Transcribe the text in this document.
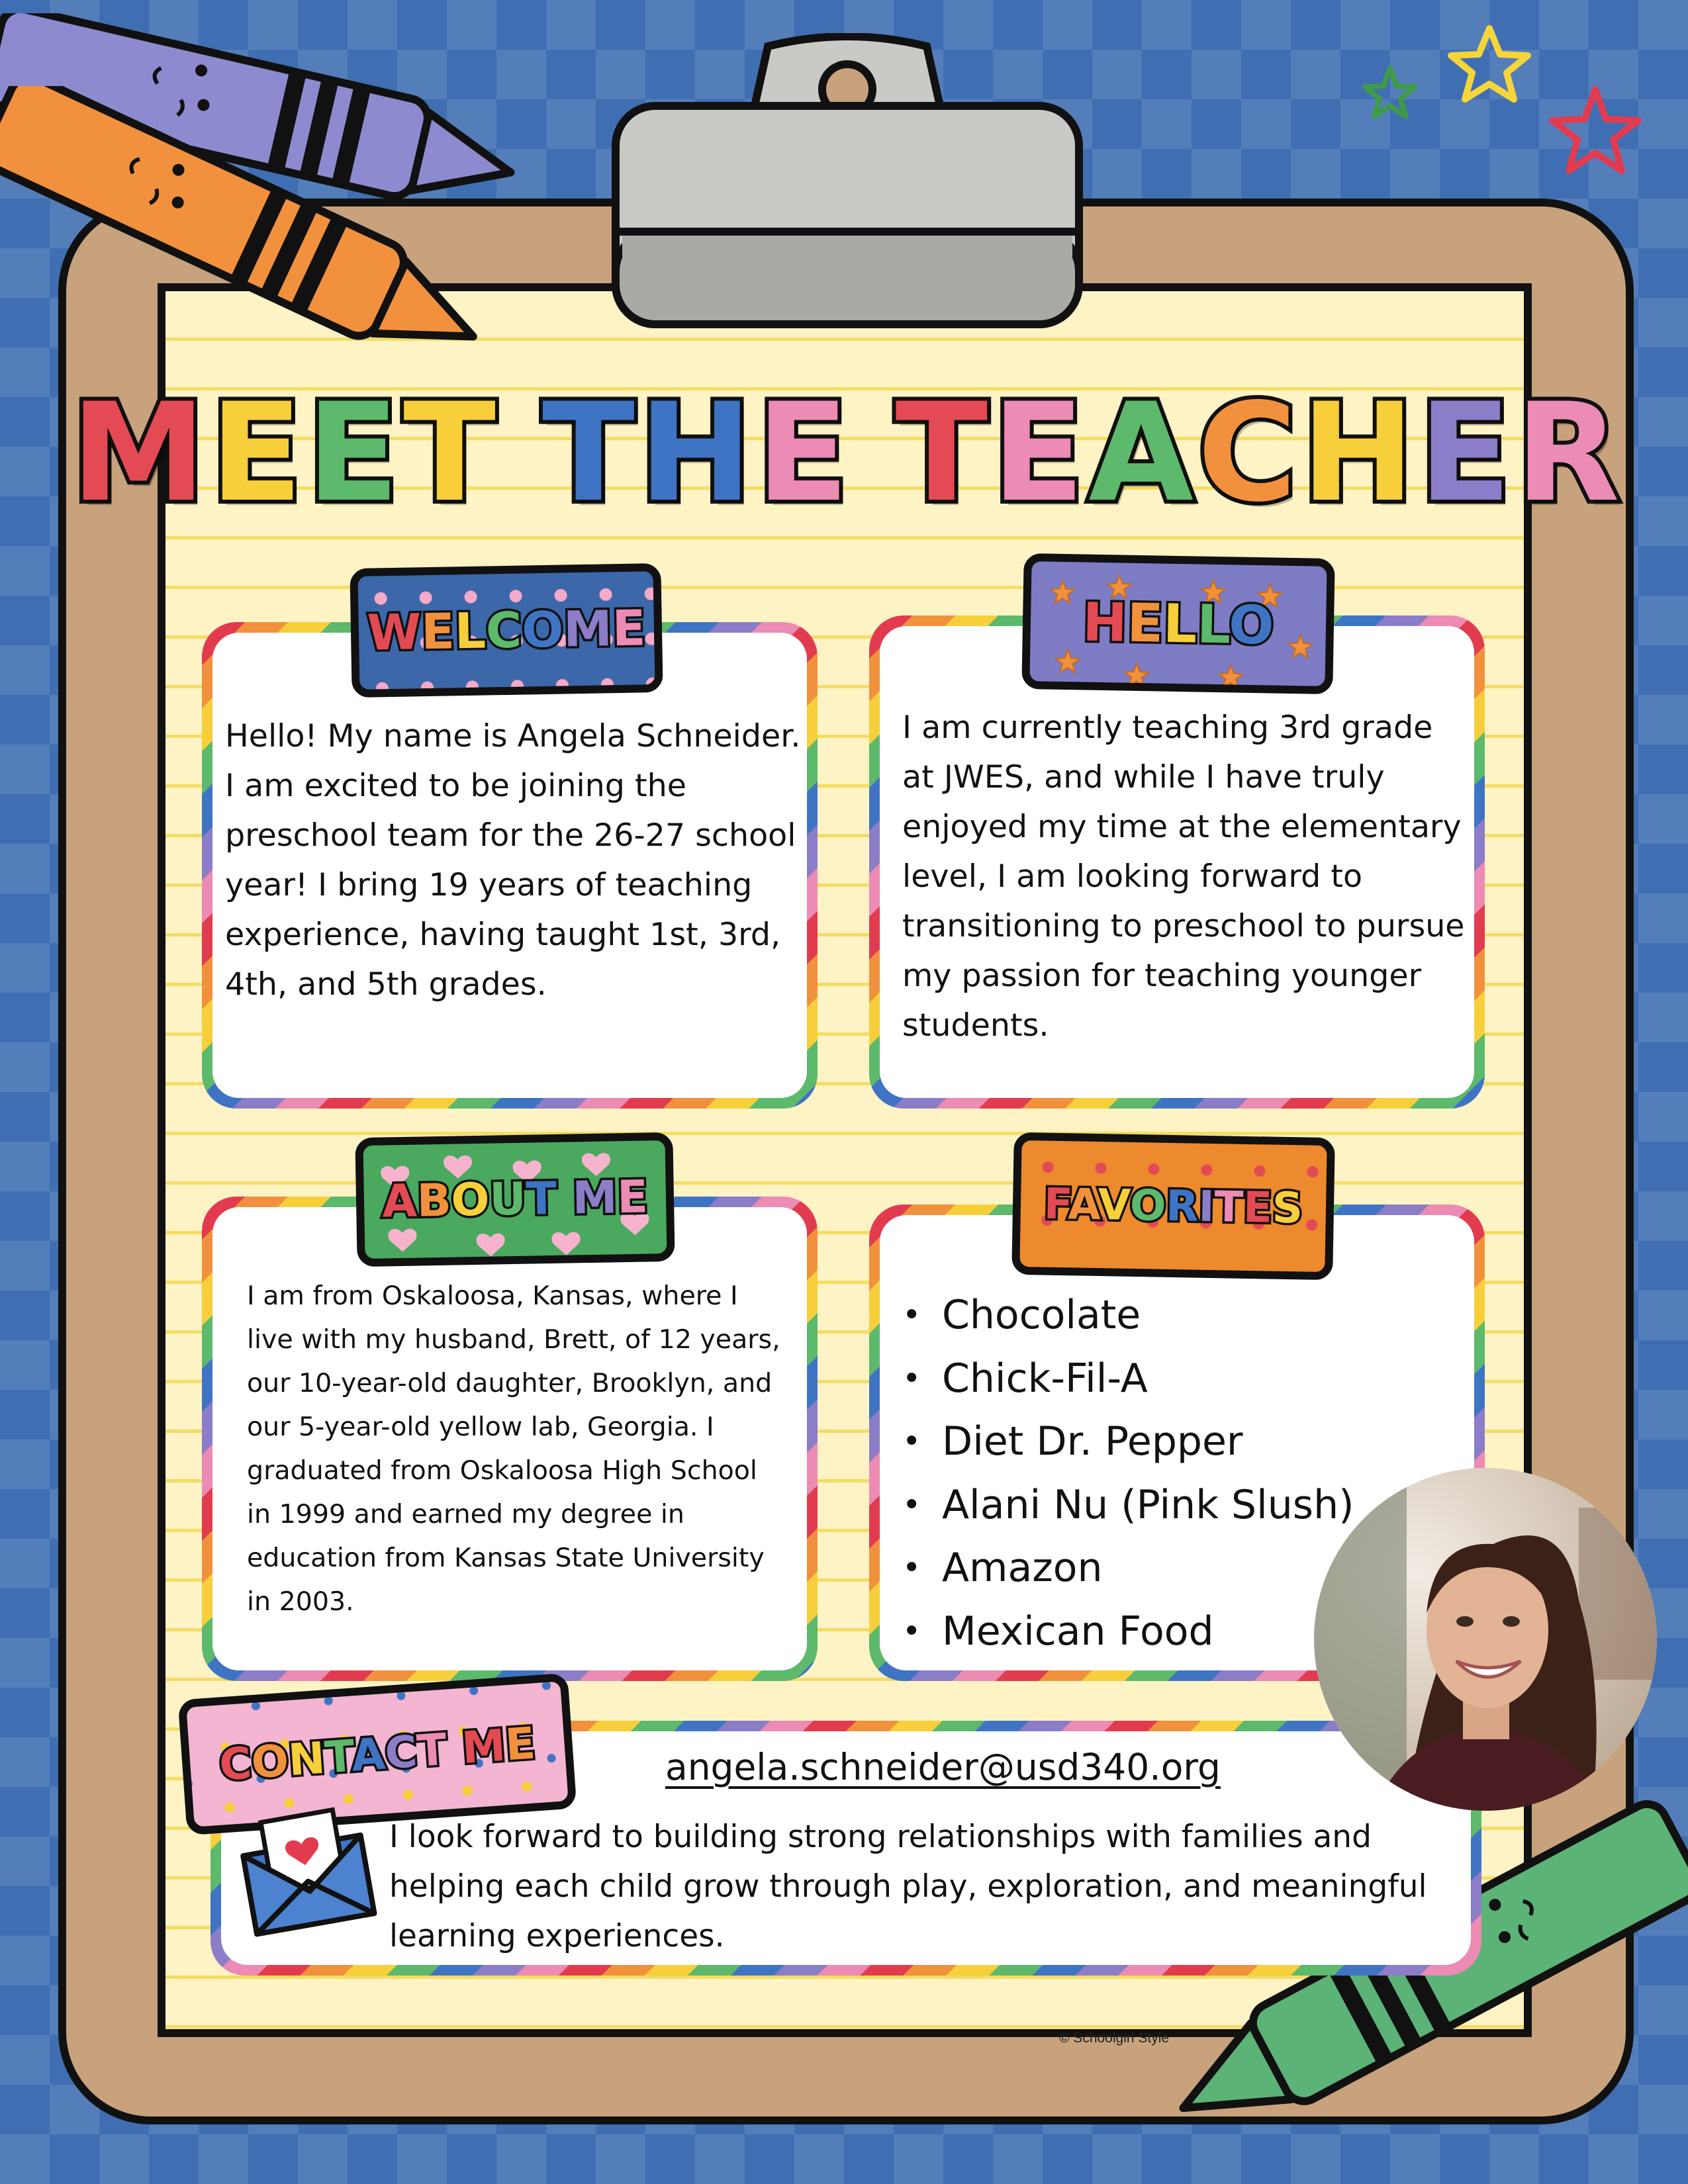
M E E T T H E T E A C H E R
WELCOME	HELLO
ABOUT ME	FAVORITES
CONTACT ME

Hello! My name is Angela Schneider. I am excited to be joining the preschool team for the 26-27 school year! I bring 19 years of teaching experience, having taught 1st, 3rd, 4th, and 5th grades.

I am currently teaching 3rd grade at JWES, and while I have truly enjoyed my time at the elementary level, I am looking forward to transitioning to preschool to pursue my passion for teaching younger students.

I am from Oskaloosa, Kansas, where I live with my husband, Brett, of 12 years, our 10-year-old daughter, Brooklyn, and our 5-year-old yellow lab, Georgia. I graduated from Oskaloosa High School in 1999 and earned my degree in education from Kansas State University in 2003.

• Chocolate
• Chick-Fil-A
• Diet Dr. Pepper
• Alani Nu (Pink Slush)
• Amazon
• Mexican Food
angela.schneider@usd340.org

I look forward to building strong relationships with families and helping each child grow through play, exploration, and meaningful learning experiences.

© Schoolgirl Style
